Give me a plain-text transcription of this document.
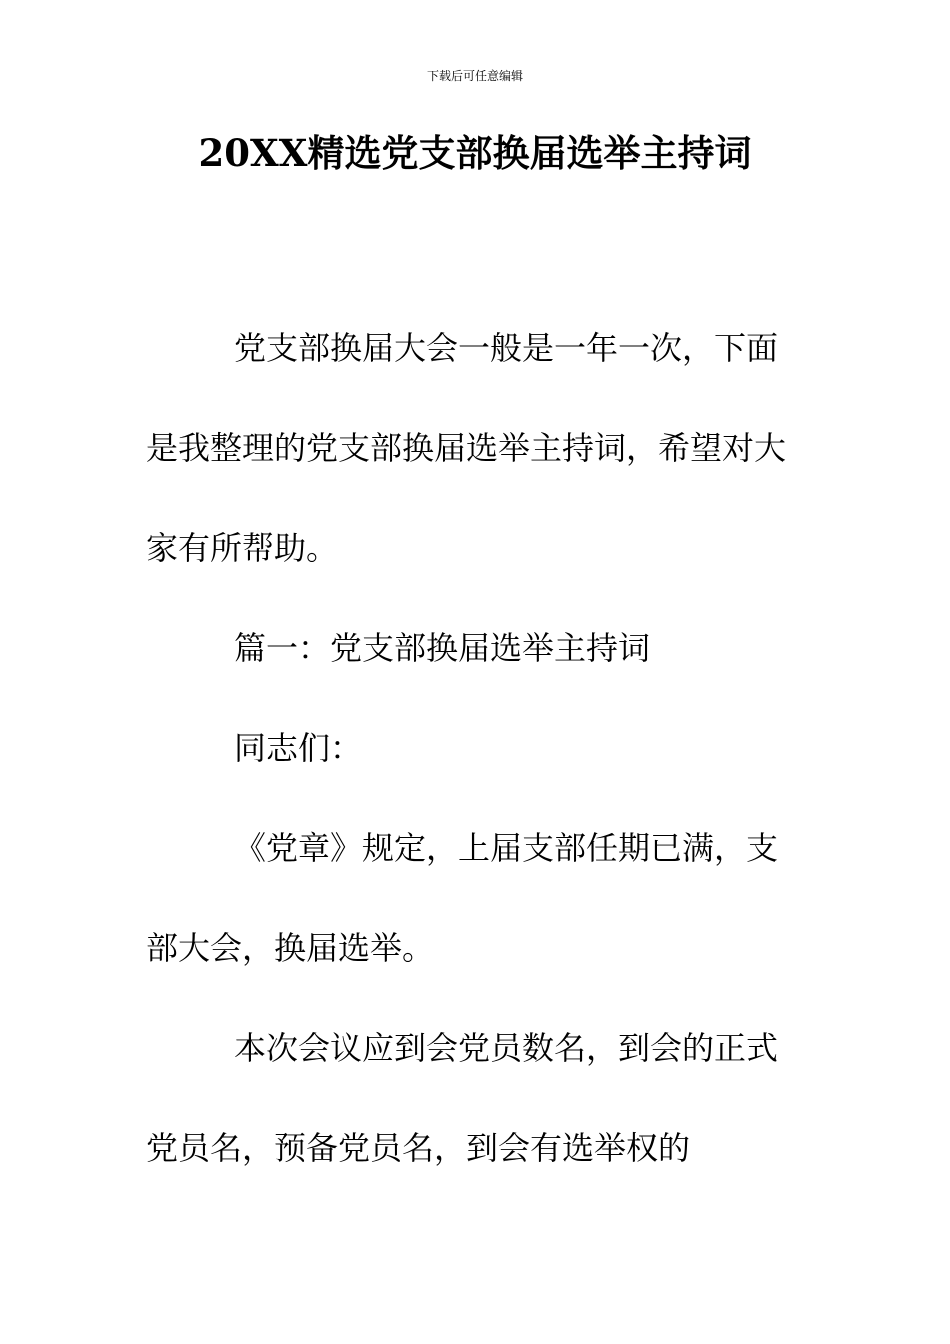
下载后可任意编辑
20XX精选党支部换届选举主持词

党支部换届大会一般是一年一次，下面是我整理的党支部换届选举主持词，希望对大家有所帮助。

篇一：党支部换届选举主持词

同志们：

《党章》规定，上届支部任期已满，支部大会，换届选举。

本次会议应到会党员数名，到会的正式党员名，预备党员名，到会有选举权的
